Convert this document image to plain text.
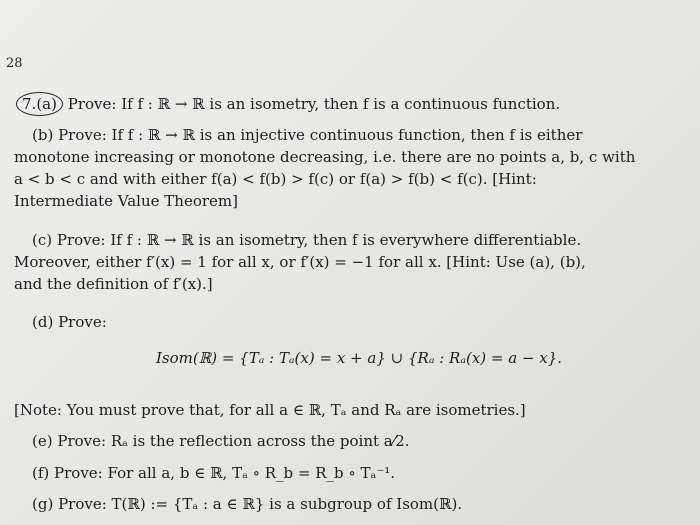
28
7.(a) Prove: If f : ℝ → ℝ is an isometry, then f is a continuous function.
(b) Prove: If f : ℝ → ℝ is an injective continuous function, then f is either
monotone increasing or monotone decreasing, i.e. there are no points a, b, c with
a < b < c and with either f(a) < f(b) > f(c) or f(a) > f(b) < f(c). [Hint:
Intermediate Value Theorem]
(c) Prove: If f : ℝ → ℝ is an isometry, then f is everywhere differentiable.
Moreover, either f′(x) = 1 for all x, or f′(x) = −1 for all x. [Hint: Use (a), (b),
and the definition of f′(x).]
(d) Prove:
Isom(ℝ) = {Tₐ : Tₐ(x) = x + a} ∪ {Rₐ : Rₐ(x) = a − x}.
[Note: You must prove that, for all a ∈ ℝ, Tₐ and Rₐ are isometries.]
(e) Prove: Rₐ is the reflection across the point a⁄2.
(f) Prove: For all a, b ∈ ℝ, Tₐ ∘ R_b = R_b ∘ Tₐ⁻¹.
(g) Prove: T(ℝ) := {Tₐ : a ∈ ℝ} is a subgroup of Isom(ℝ).
